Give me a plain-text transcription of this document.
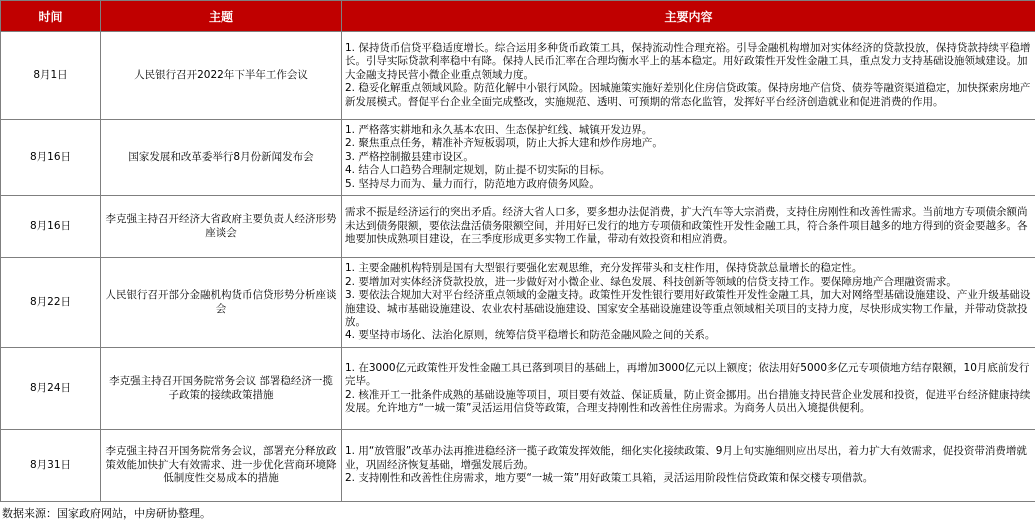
时间	主题	主要内容
8月1日	人民银行召开2022年下半年工作会议	1. 保持货币信贷平稳适度增长。综合运用多种货币政策工具，保持流动性合理充裕。引导金融机构增加对实体经济的贷款投放，保持贷款持续平稳增长。引导实际贷款利率稳中有降。保持人民币汇率在合理均衡水平上的基本稳定。用好政策性开发性金融工具，重点发力支持基础设施领域建设。加大金融支持民营小微企业重点领域力度。
2. 稳妥化解重点领域风险。防范化解中小银行风险。因城施策实施好差别化住房信贷政策。保持房地产信贷、债券等融资渠道稳定，加快探索房地产新发展模式。督促平台企业全面完成整改，实施规范、透明、可预期的常态化监管，发挥好平台经济创造就业和促进消费的作用。

8月16日	国家发展和改革委举行8月份新闻发布会	1. 严格落实耕地和永久基本农田、生态保护红线、城镇开发边界。
2. 聚焦重点任务，精准补齐短板弱项，防止大拆大建和炒作房地产。
3. 严格控制撤县建市设区。
4. 结合人口趋势合理制定规划，防止提不切实际的目标。
5. 坚持尽力而为、量力而行，防范地方政府债务风险。

8月16日	李克强主持召开经济大省政府主要负责人经济形势座谈会	需求不振是经济运行的突出矛盾。经济大省人口多，要多想办法促消费，扩大汽车等大宗消费，支持住房刚性和改善性需求。当前地方专项债余额尚未达到债务限额，要依法盘活债务限额空间，并用好已发行的地方专项债和政策性开发性金融工具，符合条件项目越多的地方得到的资金要越多。各地要加快成熟项目建设，在三季度形成更多实物工作量，带动有效投资和相应消费。

8月22日	人民银行召开部分金融机构货币信贷形势分析座谈会	1. 主要金融机构特别是国有大型银行要强化宏观思维，充分发挥带头和支柱作用，保持贷款总量增长的稳定性。
2. 要增加对实体经济贷款投放，进一步做好对小微企业、绿色发展、科技创新等领域的信贷支持工作。要保障房地产合理融资需求。
3. 要依法合规加大对平台经济重点领域的金融支持。政策性开发性银行要用好政策性开发性金融工具，加大对网络型基础设施建设、产业升级基础设施建设、城市基础设施建设、农业农村基础设施建设、国家安全基础设施建设等重点领域相关项目的支持力度，尽快形成实物工作量，并带动贷款投放。
4. 要坚持市场化、法治化原则，统筹信贷平稳增长和防范金融风险之间的关系。

8月24日	李克强主持召开国务院常务会议 部署稳经济一揽子政策的接续政策措施	1. 在3000亿元政策性开发性金融工具已落到项目的基础上，再增加3000亿元以上额度；依法用好5000多亿元专项债地方结存限额，10月底前发行完毕。
2. 核准开工一批条件成熟的基础设施等项目，项目要有效益、保证质量，防止资金挪用。出台措施支持民营企业发展和投资，促进平台经济健康持续发展。允许地方“一城一策”灵活运用信贷等政策，合理支持刚性和改善性住房需求。为商务人员出入境提供便利。

8月31日	李克强主持召开国务院常务会议，部署充分释放政策效能加快扩大有效需求、进一步优化营商环境降低制度性交易成本的措施	1. 用“放管服”改革办法再推进稳经济一揽子政策发挥效能，细化实化接续政策、9月上旬实施细则应出尽出，着力扩大有效需求，促投资带消费增就业，巩固经济恢复基础，增强发展后劲。
2. 支持刚性和改善性住房需求，地方要“一城一策”用好政策工具箱，灵活运用阶段性信贷政策和保交楼专项借款。
数据来源：国家政府网站，中房研协整理。
